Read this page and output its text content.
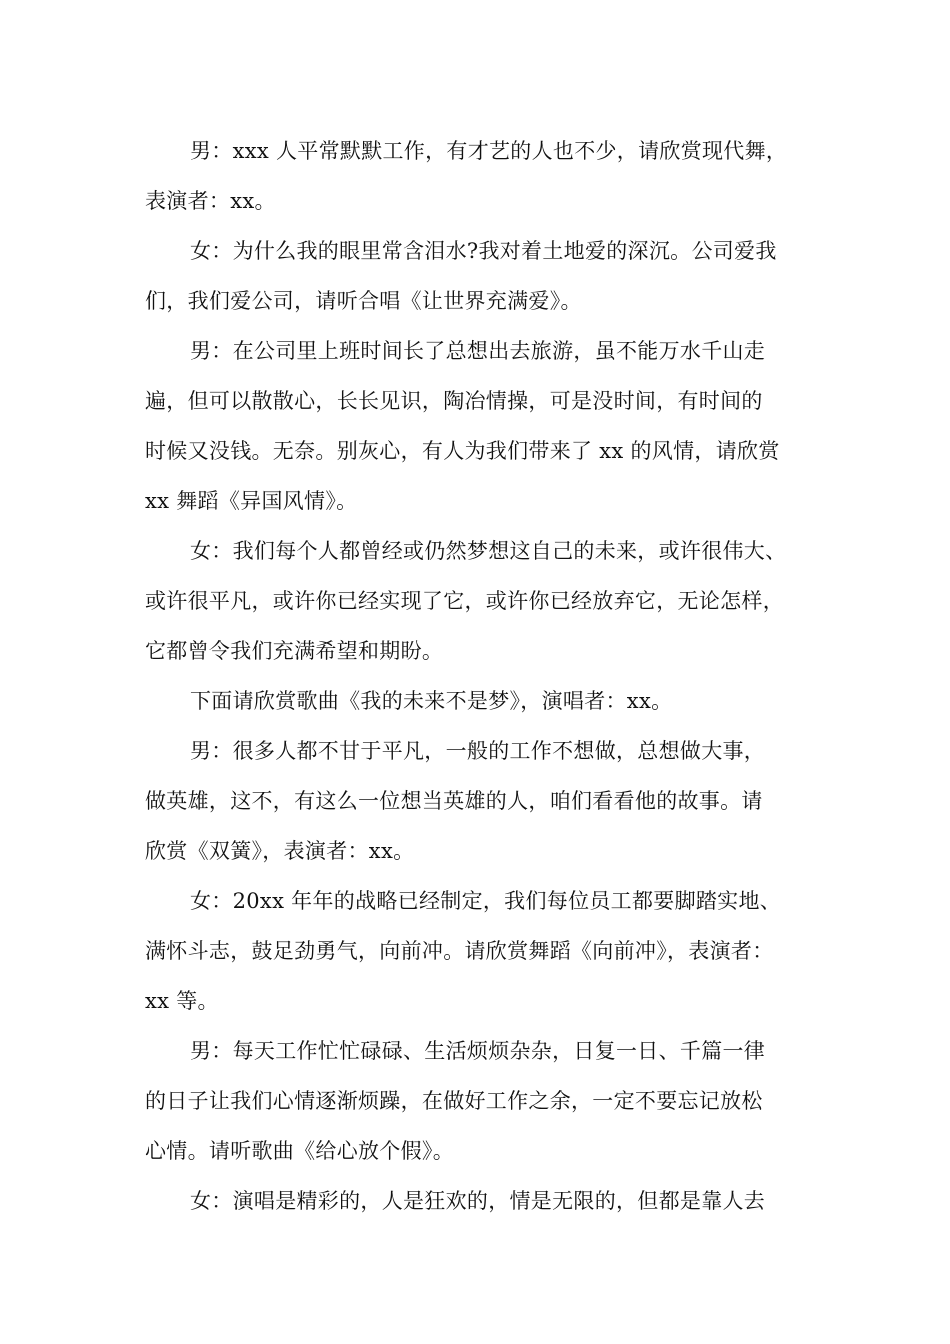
男：xxx 人平常默默工作，有才艺的人也不少，请欣赏现代舞，
表演者：xx。
女：为什么我的眼里常含泪水?我对着土地爱的深沉。公司爱我
们，我们爱公司，请听合唱《让世界充满爱》。
男：在公司里上班时间长了总想出去旅游，虽不能万水千山走
遍，但可以散散心，长长见识，陶冶情操，可是没时间，有时间的
时候又没钱。无奈。别灰心，有人为我们带来了 xx 的风情，请欣赏
xx 舞蹈《异国风情》。
女：我们每个人都曾经或仍然梦想这自己的未来，或许很伟大、
或许很平凡，或许你已经实现了它，或许你已经放弃它，无论怎样，
它都曾令我们充满希望和期盼。
下面请欣赏歌曲《我的未来不是梦》，演唱者：xx。
男：很多人都不甘于平凡，一般的工作不想做，总想做大事，
做英雄，这不，有这么一位想当英雄的人，咱们看看他的故事。请
欣赏《双簧》，表演者：xx。
女：20xx 年年的战略已经制定，我们每位员工都要脚踏实地、
满怀斗志，鼓足劲勇气，向前冲。请欣赏舞蹈《向前冲》，表演者：
xx 等。
男：每天工作忙忙碌碌、生活烦烦杂杂，日复一日、千篇一律
的日子让我们心情逐渐烦躁，在做好工作之余，一定不要忘记放松
心情。请听歌曲《给心放个假》。
女：演唱是精彩的，人是狂欢的，情是无限的，但都是靠人去
